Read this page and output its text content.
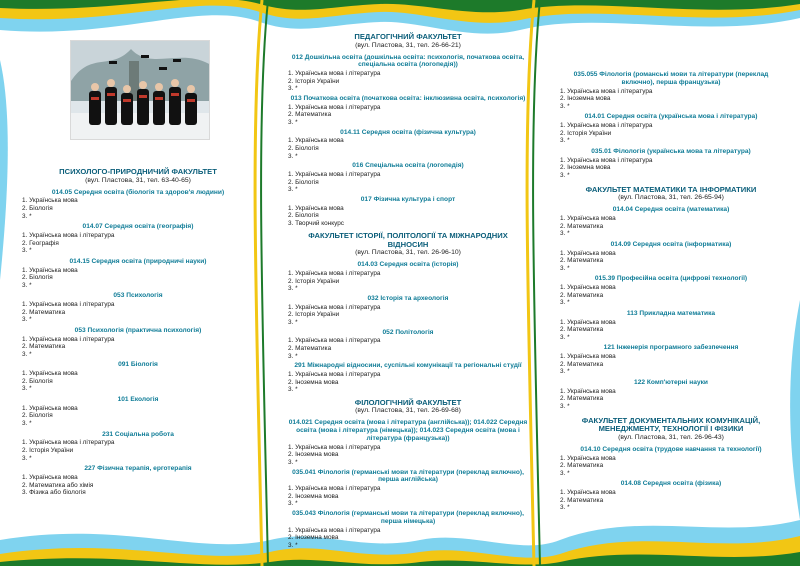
ПСИХОЛОГО-ПРИРОДНИЧИЙ ФАКУЛЬТЕТ
(вул. Пластова, 31, тел. 63-40-65)
014.05 Середня освіта (біологія та здоров'я людини)
1. Українська мова
2. Біологія
3. *
014.07 Середня освіта (географія)
1. Українська мова і література
2. Географія
3. *
014.15 Середня освіта (природничі науки)
1. Українська мова
2. Біологія
3. *
053 Психологія
1. Українська мова і література
2. Математика
3. *
053 Психологія (практична психологія)
1. Українська мова і література
2. Математика
3. *
091 Біологія
1. Українська мова
2. Біологія
3. *
101 Екологія
1. Українська мова
2. Біологія
3. *
231 Соціальна робота
1. Українська мова і література
2. Історія України
3. *
227 Фізична терапія, ерготерапія
1. Українська мова
2. Математика або хімія
3. Фізика або біологія
ПЕДАГОГІЧНИЙ ФАКУЛЬТЕТ
(вул. Пластова, 31, тел. 26-66-21)
012 Дошкільна освіта (дошкільна освіта: психологія, початкова освіта, спеціальна освіта (логопедія))
1. Українська мова і література
2. Історія України
3. *
013 Початкова освіта (початкова освіта: інклюзивна освіта, психологія)
1. Українська мова і література
2. Математика
3. *
014.11 Середня освіта (фізична культура)
1. Українська мова
2. Біологія
3. *
016 Спеціальна освіта (логопедія)
1. Українська мова і література
2. Біологія
3. *
017 Фізична культура і спорт
1. Українська мова
2. Біологія
3. Творчий конкурс
ФАКУЛЬТЕТ ІСТОРІЇ, ПОЛІТОЛОГІЇ ТА МІЖНАРОДНИХ ВІДНОСИН
(вул. Пластова, 31, тел. 26-96-10)
014.03 Середня освіта (історія)
1. Українська мова і література
2. Історія України
3. *
032 Історія та археологія
1. Українська мова і література
2. Історія України
3. *
052 Політологія
1. Українська мова і література
2. Математика
3. *
291 Міжнародні відносини, суспільні комунікації та регіональні студії
1. Українська мова і література
2. Іноземна мова
3. *
ФІЛОЛОГІЧНИЙ ФАКУЛЬТЕТ
(вул. Пластова, 31, тел. 26-69-68)
014.021 Середня освіта (мова і література (англійська)); 014.022 Середня освіта (мова і література (німецька)); 014.023 Середня освіта (мова і література (французька))
1. Українська мова і література
2. Іноземна мова
3. *
035.041 Філологія (германські мови та літератури (переклад включно), перша англійська)
1. Українська мова і література
2. Іноземна мова
3. *
035.043 Філологія (германські мови та літератури (переклад включно), перша німецька)
1. Українська мова і література
2. Іноземна мова
3. *
035.055 Філологія (романські мови та літератури (переклад включно), перша французька)
1. Українська мова і література
2. Іноземна мова
3. *
014.01 Середня освіта (українська мова і література)
1. Українська мова і література
2. Історія України
3. *
035.01 Філологія (українська мова та література)
1. Українська мова і література
2. Іноземна мова
3. *
ФАКУЛЬТЕТ МАТЕМАТИКИ ТА ІНФОРМАТИКИ
(вул. Пластова, 31, тел. 26-65-94)
014.04 Середня освіта (математика)
1. Українська мова
2. Математика
3. *
014.09 Середня освіта (інформатика)
1. Українська мова
2. Математика
3. *
015.39 Професійна освіта (цифрові технології)
1. Українська мова
2. Математика
3. *
113 Прикладна математика
1. Українська мова
2. Математика
3. *
121 Інженерія програмного забезпечення
1. Українська мова
2. Математика
3. *
122 Комп'ютерні науки
1. Українська мова
2. Математика
3. *
ФАКУЛЬТЕТ ДОКУМЕНТАЛЬНИХ КОМУНІКАЦІЙ, МЕНЕДЖМЕНТУ, ТЕХНОЛОГІЇ І ФІЗИКИ
(вул. Пластова, 31, тел. 26-96-43)
014.10 Середня освіта (трудове навчання та технології)
1. Українська мова
2. Математика
3. *
014.08 Середня освіта (фізика)
1. Українська мова
2. Математика
3. *
